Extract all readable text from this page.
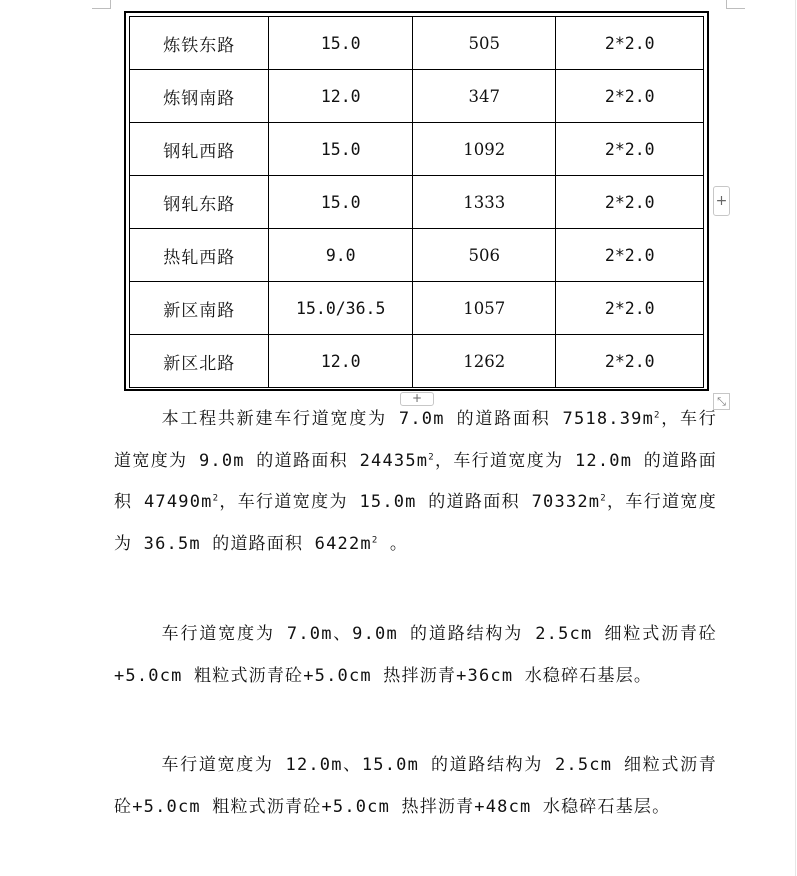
炼铁东路	15.0	505	2*2.0
炼钢南路	12.0	347	2*2.0
钢轧西路	15.0	1092	2*2.0
钢轧东路	15.0	1333	2*2.0
热轧西路	9.0	506	2*2.0
新区南路	15.0/36.5	1057	2*2.0
新区北路	12.0	1262	2*2.0
+
+	⤡

本工程共新建车行道宽度为 7.0m 的道路面积 $7518.39m^2$，车行道宽度为 9.0m 的道路面积 $24435m^2$，车行道宽度为 12.0m 的道路面积 $47490m^2$，车行道宽度为 15.0m 的道路面积 $70332m^2$，车行道宽度为 36.5m 的道路面积 $6422m^2$ 。

车行道宽度为 7.0m、9.0m 的道路结构为 2.5cm 细粒式沥青砼+5.0cm 粗粒式沥青砼+5.0cm 热拌沥青+36cm 水稳碎石基层。

车行道宽度为 12.0m、15.0m 的道路结构为 2.5cm 细粒式沥青砼+5.0cm 粗粒式沥青砼+5.0cm 热拌沥青+48cm 水稳碎石基层。
